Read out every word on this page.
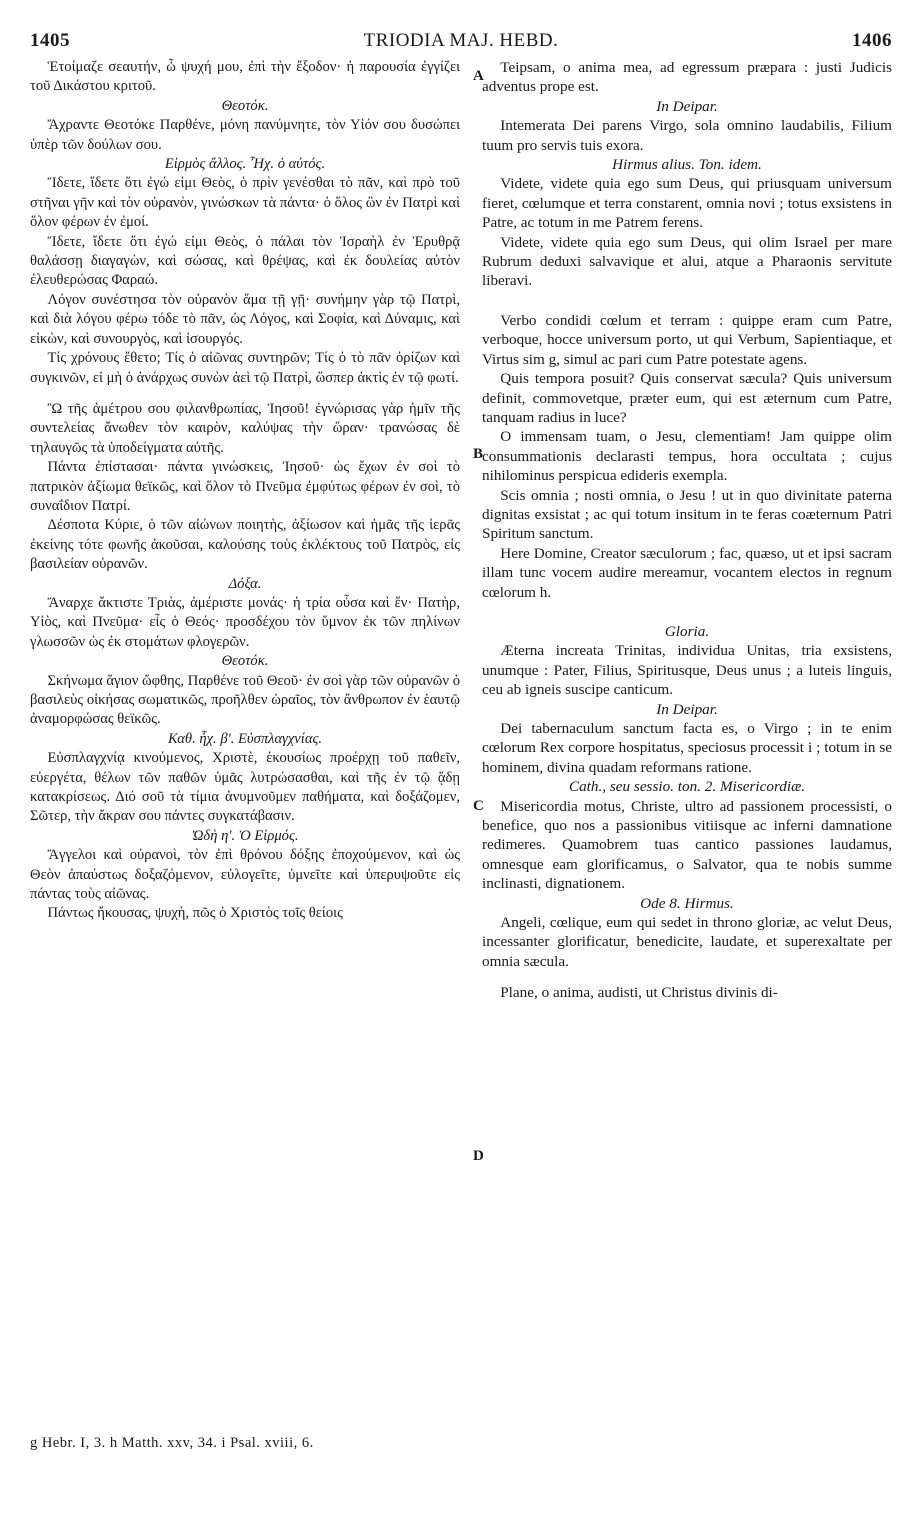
1405	TRIODIA MAJ. HEBD.	1406
A
B
C
D

Ἑτοίμαζε σεαυτήν, ὦ ψυχή μου, ἐπὶ τὴν ἔξοδον· ἡ παρουσία ἐγγίζει τοῦ Δικάστου κριτοῦ.

Θεοτόκ.

Ἄχραντε Θεοτόκε Παρθένε, μόνη πανύμνητε, τὸν Υἱόν σου δυσώπει ὑπὲρ τῶν δούλων σου.

Εἱρμὸς ἄλλος. Ἦχ. ὁ αὐτός.

Ἴδετε, ἴδετε ὅτι ἐγώ εἰμι Θεὸς, ὁ πρὶν γενέσθαι τὸ πᾶν, καὶ πρὸ τοῦ στῆναι γῆν καὶ τὸν οὐρανὸν, γινώσκων τὰ πάντα· ὁ ὅλος ὢν ἐν Πατρὶ καὶ ὅλον φέρων ἐν ἐμοί.

Ἴδετε, ἴδετε ὅτι ἐγώ εἰμι Θεὸς, ὁ πάλαι τὸν Ἰσραὴλ ἐν Ἐρυθρᾷ θαλάσσῃ διαγαγὼν, καὶ σώσας, καὶ θρέψας, καὶ ἐκ δουλείας αὐτὸν ἐλευθερώσας Φαραώ.

Λόγον συνέστησα τὸν οὐρανὸν ἅμα τῇ γῇ· συνήμην γὰρ τῷ Πατρὶ, καὶ διὰ λόγου φέρω τόδε τὸ πᾶν, ὡς Λόγος, καὶ Σοφία, καὶ Δύναμις, καὶ εἰκὼν, καὶ συνουργὸς, καὶ ἰσουργός.

Τίς χρόνους ἔθετο; Τίς ὁ αἰῶνας συντηρῶν; Τίς ὁ τὸ πᾶν ὁρίζων καὶ συγκινῶν, εἰ μὴ ὁ ἀνάρχως συνὼν ἀεὶ τῷ Πατρὶ, ὥσπερ ἀκτὶς ἐν τῷ φωτί.

Ὢ τῆς ἀμέτρου σου φιλανθρωπίας, Ἰησοῦ! ἐγνώρισας γὰρ ἡμῖν τῆς συντελείας ἄνωθεν τὸν καιρὸν, καλύψας τὴν ὥραν· τρανώσας δὲ τηλαυγῶς τὰ ὑποδείγματα αὐτῆς.

Πάντα ἐπίστασαι· πάντα γινώσκεις, Ἰησοῦ· ὡς ἔχων ἐν σοὶ τὸ πατρικὸν ἀξίωμα θεϊκῶς, καὶ ὅλον τὸ Πνεῦμα ἐμφύτως φέρων ἐν σοὶ, τὸ συναΐδιον Πατρί.

Δέσποτα Κύριε, ὁ τῶν αἰώνων ποιητὴς, ἀξίωσον καὶ ἡμᾶς τῆς ἱερᾶς ἐκείνης τότε φωνῆς ἀκοῦσαι, καλούσης τοὺς ἐκλέκτους τοῦ Πατρὸς, εἰς βασιλείαν οὐρανῶν.

Δόξα.

Ἄναρχε ἄκτιστε Τριὰς, ἀμέριστε μονάς· ἡ τρία οὖσα καὶ ἕν· Πατὴρ, Υἱὸς, καὶ Πνεῦμα· εἷς ὁ Θεός· προσδέχου τὸν ὕμνον ἐκ τῶν πηλίνων γλωσσῶν ὡς ἐκ στομάτων φλογερῶν.

Θεοτόκ.

Σκήνωμα ἅγιον ὤφθης, Παρθένε τοῦ Θεοῦ· ἐν σοὶ γὰρ τῶν οὐρανῶν ὁ βασιλεὺς οἰκήσας σωματικῶς, προῆλθεν ὡραῖος, τὸν ἄνθρωπον ἐν ἑαυτῷ ἀναμορφώσας θεϊκῶς.

Καθ. ἦχ. β'. Εὐσπλαγχνίας.

Εὐσπλαγχνίᾳ κινούμενος, Χριστὲ, ἑκουσίως προέρχῃ τοῦ παθεῖν, εὐεργέτα, θέλων τῶν παθῶν ὑμᾶς λυτρώσασθαι, καὶ τῆς ἐν τῷ ᾅδῃ κατακρίσεως. Διό σοῦ τὰ τίμια ἀνυμνοῦμεν παθήματα, καὶ δοξάζομεν, Σῶτερ, τὴν ἄκραν σου πάντες συγκατάβασιν.

Ὠδὴ η'. Ὁ Εἱρμός.

Ἄγγελοι καὶ οὐρανοὶ, τὸν ἐπὶ θρόνου δόξης ἐποχούμενον, καὶ ὡς Θεὸν ἀπαύστως δοξαζόμενον, εὐλογεῖτε, ὑμνεῖτε καὶ ὑπερυψοῦτε εἰς πάντας τοὺς αἰῶνας.

Πάντως ἤκουσας, ψυχὴ, πῶς ὁ Χριστὸς τοῖς θείοις

Teipsam, o anima mea, ad egressum præpara : justi Judicis adventus prope est.

In Deipar.

Intemerata Dei parens Virgo, sola omnino laudabilis, Filium tuum pro servis tuis exora.

Hirmus alius. Ton. idem.

Videte, videte quia ego sum Deus, qui priusquam universum fieret, cœlumque et terra constarent, omnia novi ; totus exsistens in Patre, ac totum in me Patrem ferens.

Videte, videte quia ego sum Deus, qui olim Israel per mare Rubrum deduxi salvavique et alui, atque a Pharaonis servitute liberavi.

Verbo condidi cœlum et terram : quippe eram cum Patre, verboque, hocce universum porto, ut qui Verbum, Sapientiaque, et Virtus sim g, simul ac pari cum Patre potestate agens.

Quis tempora posuit? Quis conservat sæcula? Quis universum definit, commovetque, præter eum, qui est æternum cum Patre, tanquam radius in luce?

O immensam tuam, o Jesu, clementiam! Jam quippe olim consummationis declarasti tempus, hora occultata ; cujus nihilominus perspicua edideris exempla.

Scis omnia ; nosti omnia, o Jesu ! ut in quo divinitate paterna dignitas exsistat ; ac qui totum insitum in te feras coæternum Patri Spiritum sanctum.

Here Domine, Creator sæculorum ; fac, quæso, ut et ipsi sacram illam tunc vocem audire mereamur, vocantem electos in regnum cœlorum h.

Gloria.

Æterna increata Trinitas, individua Unitas, tria exsistens, unumque : Pater, Filius, Spiritusque, Deus unus ; a luteis linguis, ceu ab igneis suscipe canticum.

In Deipar.

Dei tabernaculum sanctum facta es, o Virgo ; in te enim cœlorum Rex corpore hospitatus, speciosus processit i ; totum in se hominem, divina quadam reformans ratione.

Cath., seu sessio. ton. 2. Misericordiæ.

Misericordia motus, Christe, ultro ad passionem processisti, o benefice, quo nos a passionibus vitiisque ac inferni damnatione redimeres. Quamobrem tuas cantico passiones laudamus, omnesque eam glorificamus, o Salvator, qua te nobis summe inclinasti, dignationem.

Ode 8. Hirmus.

Angeli, cœlique, eum qui sedet in throno gloriæ, ac velut Deus, incessanter glorificatur, benedicite, laudate, et superexaltate per omnia sæcula.

Plane, o anima, audisti, ut Christus divinis di-

g Hebr. I, 3. h Matth. xxv, 34. i Psal. xviii, 6.
